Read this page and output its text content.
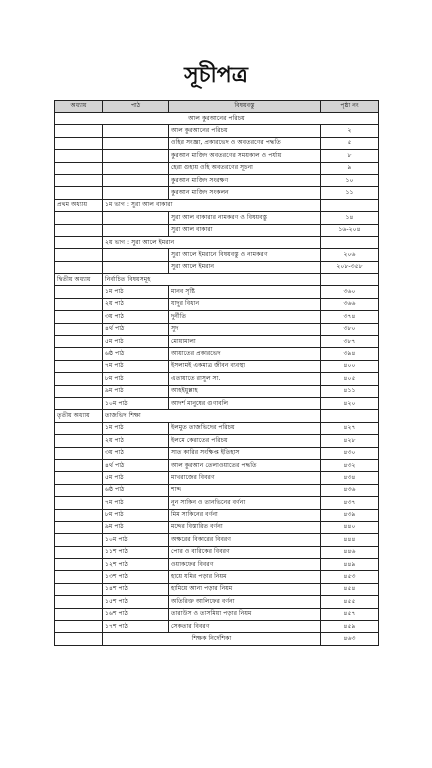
সূচীপত্র
অধ্যায়	পাঠ	বিষয়বস্তু	পৃষ্ঠা নং
আল কুরআনের পরিচয়			
		আল কুরআনের পরিচয়	২
		ওহির সংজ্ঞা, প্রকারভেদ ও অবতরণের পদ্ধতি	৫
		কুরআন মাজিদ অবতরণের সময়কাল ও পর্যায়	৮
		হেরা গুহায় ওহি অবতরণের সূচনা	৯
		কুরআন মাজিদ সংরক্ষণ	১০
		কুরআন মাজিদ সংকলন	১১
প্রথম অধ্যায়	১ম ভাগ : সুরা আল বাকারা		
		সুরা আল বাকারার নামকরণ ও বিষয়বস্তু	১৪
		সুরা আল বাকারা	১৬-২০৪
	২য় ভাগ : সুরা আলে ইমরান		
		সুরা আলে ইমরানে বিষয়বস্তু ও নামকরণ	২০৬
		সুরা আলে ইমরান	২০৮-৩৫৮
দ্বিতীয় অধ্যায়	নির্বাচিত বিষয়সমূহ		
	১ম পাঠ	মানব সৃষ্টি	৩৬০
	২য় পাঠ	যাদুর বিধান	৩৬৬
	৩য় পাঠ	দুর্নীতি	৩৭৪
	৪র্থ পাঠ	সুদ	৩৮০
	৫ম পাঠ	মোয়ামালা	৩৮৭
	৬ষ্ঠ পাঠ	আয়াতের প্রকারভেদ	৩৯৪
	৭ম পাঠ	ইসলামই একমাত্র জীবন ব্যবস্থা	৪০০
	৮ম পাঠ	এতায়াতে রাসুল সা.	৪০৫
	৯ম পাঠ	আহইয়ুল্লাহ	৪১১
	১০ম পাঠ	আদর্শ মানুষের গুণাবলি	৪২০
তৃতীয় অধ্যায়	তাজভিদ শিক্ষা		
	১ম পাঠ	ইলমুত তাজভিদের পরিচয়	৪২৭
	২য় পাঠ	ইলমে কেরাতের পরিচয়	৪২৮
	৩য় পাঠ	সাত কারির সংক্ষিপ্ত ইতিহাস	৪৩০
	৪র্থ পাঠ	আল কুরআন তেলাওয়াতের পদ্ধতি	৪৩২
	৫ম পাঠ	মাখরাজের বিবরণ	৪৩৪
	৬ষ্ঠ পাঠ	শাদ্দ	৪৩৬
	৭ম পাঠ	নুন সাকিন ও তানভিনের বর্ণনা	৪৩৭
	৮ম পাঠ	মিম সাকিনের বর্ণনা	৪৩৯
	৯ম পাঠ	মদ্দের বিস্তারিত বর্ণনা	৪৪০
	১০ম পাঠ	অক্ষরের বিকারের বিবরণ	৪৪৪
	১১শ পাঠ	পোর ও বারিকের বিবরণ	৪৪৬
	১২শ পাঠ	ওয়াকফের বিবরণ	৪৪৯
	১৩শ পাঠ	হায়ে যমির পড়ার নিয়ম	৪৫৩
	১৪শ পাঠ	হামিয়ে আনা পড়ার নিয়ম	৪৫৪
	১৫শ পাঠ	অতিরিক্ত আলিফের বর্ণনা	৪৫৫
	১৬শ পাঠ	তারাউস ও তাসমিয়া পড়ার নিয়ম	৪৫৭
	১৭শ পাঠ	সেকতার বিবরণ	৪৫৯
	শিক্ষক নির্দেশিকা		৪৬৩
